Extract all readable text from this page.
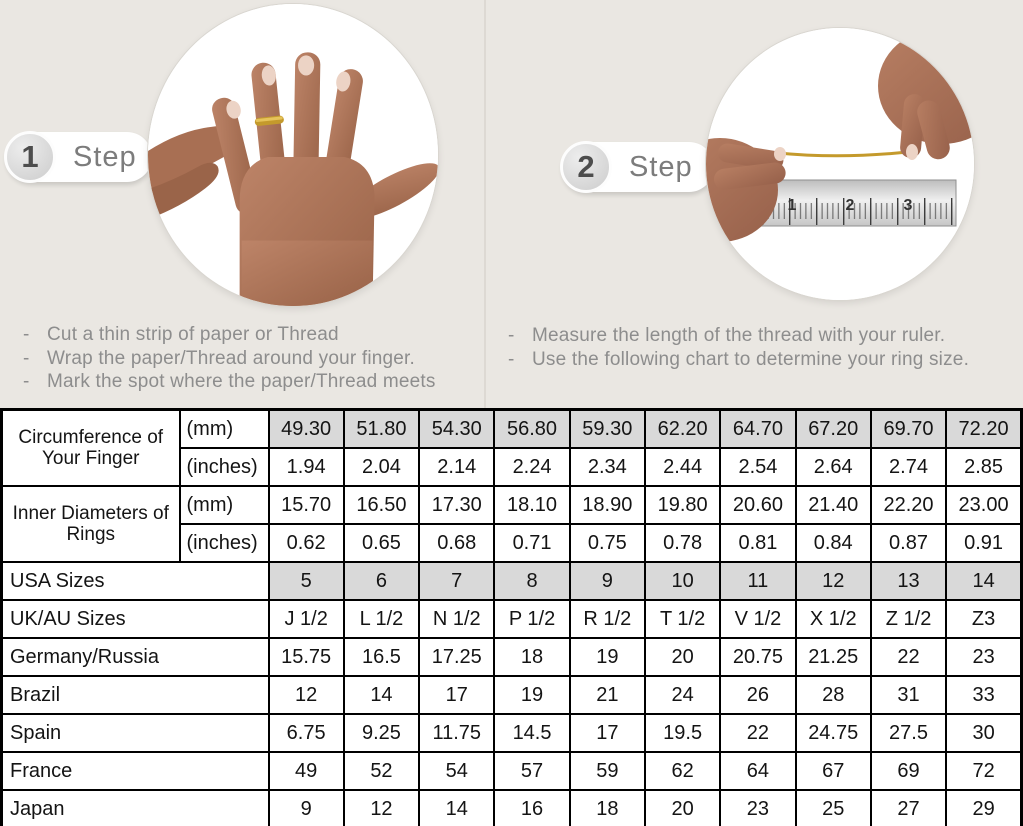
1 Step
- Cut a thin strip of paper or Thread
- Wrap the paper/Thread around your finger.
- Mark the spot where the paper/Thread meets
2 Step
1	2	3
- Measure the length of the thread with your ruler.
- Use the following chart to determine your ring size.
Circumference of Your Finger	(mm)	49.30	51.80	54.30	56.80	59.30	62.20	64.70	67.20	69.70	72.20
	(inches)	1.94	2.04	2.14	2.24	2.34	2.44	2.54	2.64	2.74	2.85
Inner Diameters of Rings	(mm)	15.70	16.50	17.30	18.10	18.90	19.80	20.60	21.40	22.20	23.00
	(inches)	0.62	0.65	0.68	0.71	0.75	0.78	0.81	0.84	0.87	0.91
USA Sizes		5	6	7	8	9	10	11	12	13	14
UK/AU Sizes		J 1/2	L 1/2	N 1/2	P 1/2	R 1/2	T 1/2	V 1/2	X 1/2	Z 1/2	Z3
Germany/Russia		15.75	16.5	17.25	18	19	20	20.75	21.25	22	23
Brazil		12	14	17	19	21	24	26	28	31	33
Spain		6.75	9.25	11.75	14.5	17	19.5	22	24.75	27.5	30
France		49	52	54	57	59	62	64	67	69	72
Japan		9	12	14	16	18	20	23	25	27	29
